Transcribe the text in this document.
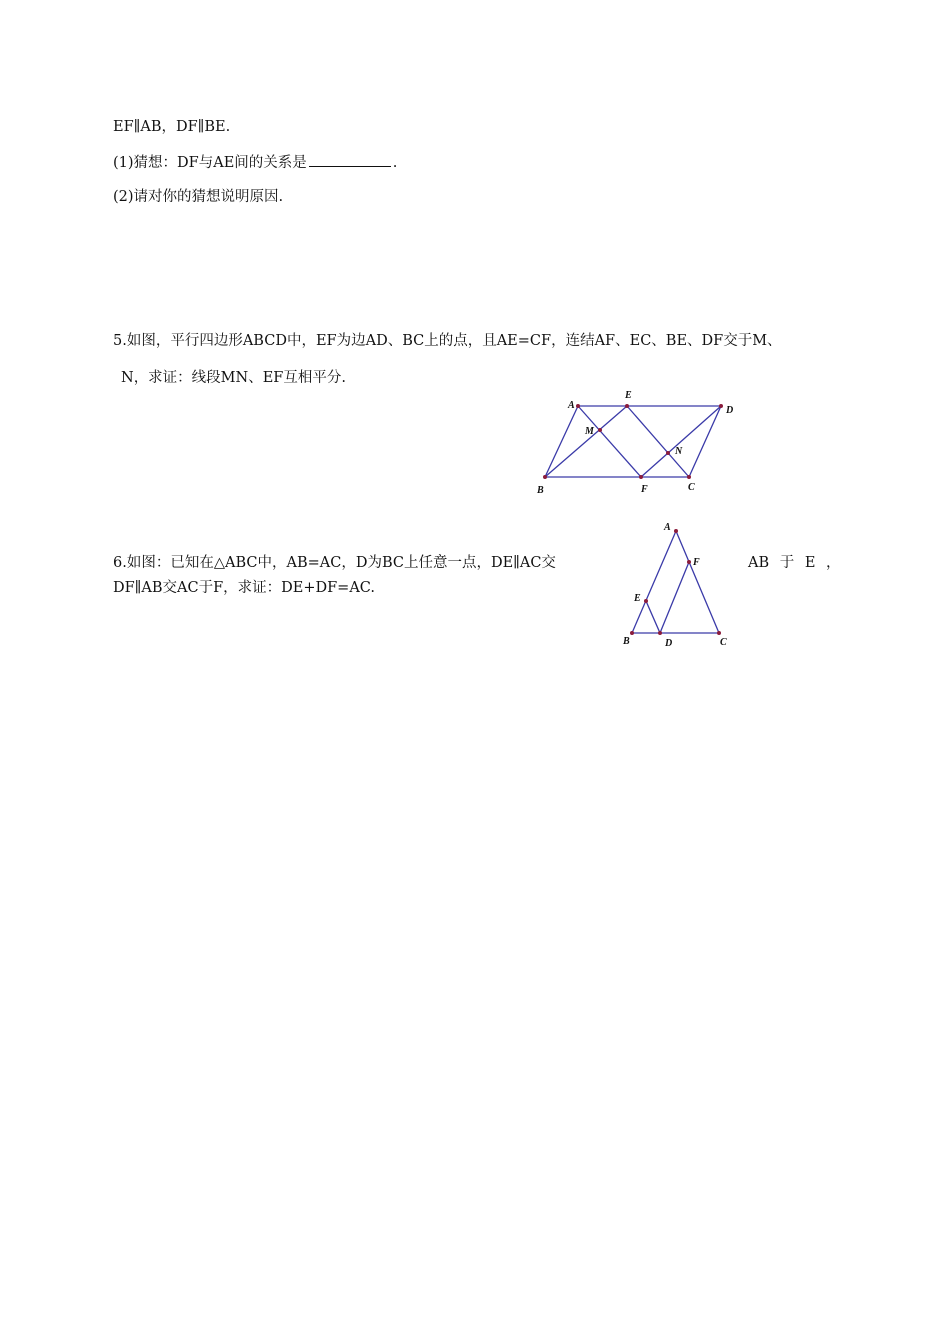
EF∥AB，DF∥BE.
(1)猜想：DF与AE间的关系是	.
(2)请对你的猜想说明原因.
5.如图，平行四边形ABCD中，EF为边AD、BC上的点，且AE=CF，连结AF、EC、BE、DF交于M、
N，求证：线段MN、EF互相平分.
A
E
D
M
N
B	F	C
6.如图：已知在△ABC中，AB=AC，D为BC上任意一点，DE∥AC交	AB 于 E ，
DF∥AB交AC于F，求证：DE+DF=AC.
A
F
E
B	D	C
